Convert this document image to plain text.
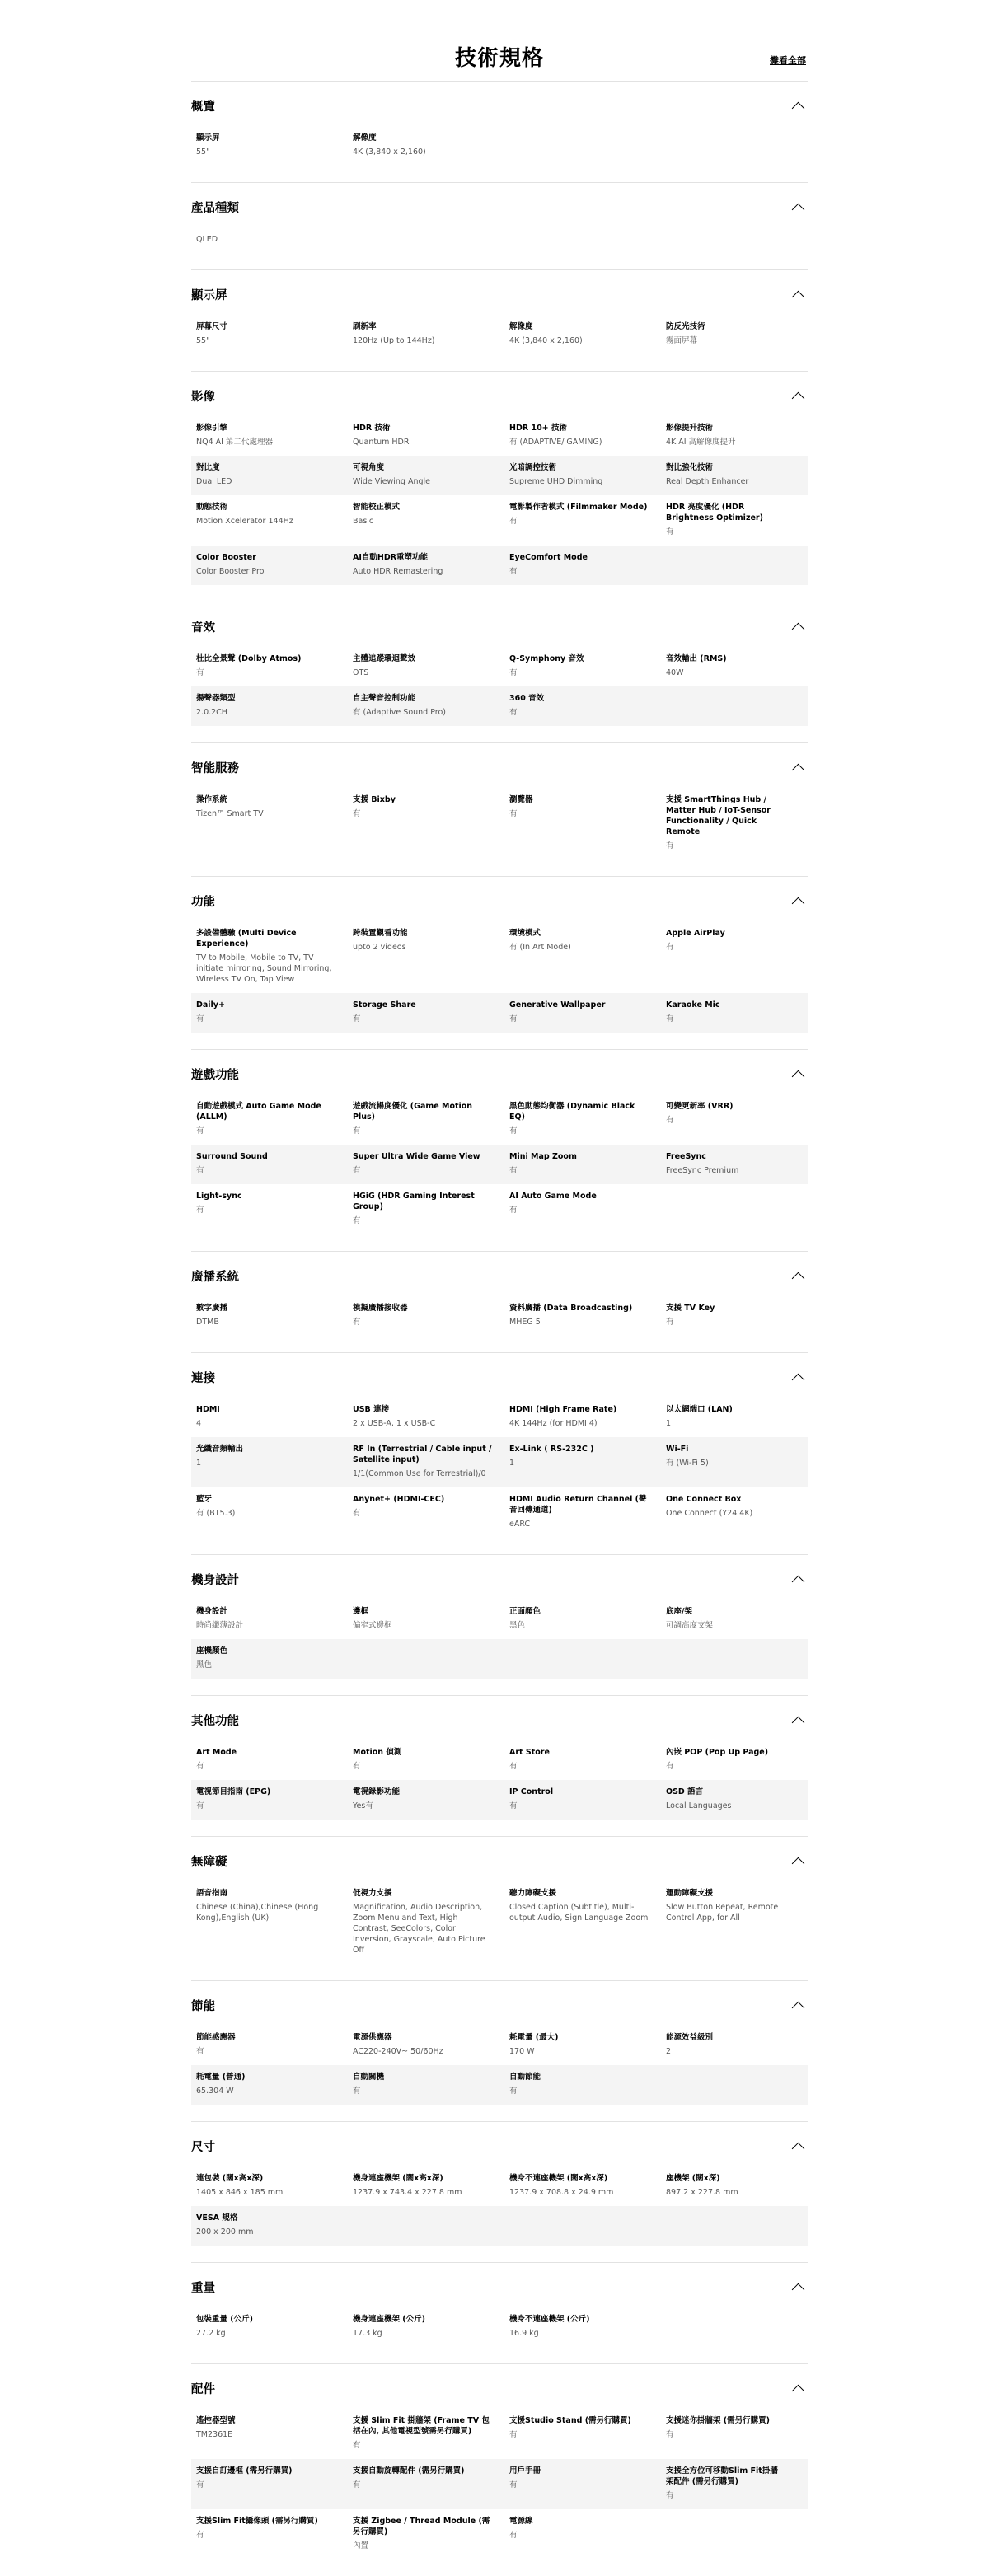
技術規格	攤看全部
概覽
顯示屏
55"
解像度
4K (3,840 x 2,160)
產品種類
QLED
顯示屏
屏幕尺寸
55"
刷新率
120Hz (Up to 144Hz)
解像度
4K (3,840 x 2,160)
防反光技術
霧面屏幕
影像
影像引擎
NQ4 AI 第二代處理器
HDR 技術
Quantum HDR
HDR 10+ 技術
有 (ADAPTIVE/ GAMING)
影像提升技術
4K AI 高解像度提升
對比度
Dual LED
可視角度
Wide Viewing Angle
光暗調控技術
Supreme UHD Dimming
對比強化技術
Real Depth Enhancer
動態技術
Motion Xcelerator 144Hz
智能校正模式
Basic
電影製作者模式 (Filmmaker Mode)
有
HDR 亮度優化 (HDR Brightness Optimizer)
有
Color Booster
Color Booster Pro
AI自動HDR重塑功能
Auto HDR Remastering
EyeComfort Mode
有
音效
杜比全景聲 (Dolby Atmos)
有
主體追蹤環迴聲效
OTS
Q-Symphony 音效
有
音效輸出 (RMS)
40W
揚聲器類型
2.0.2CH
自主聲音控制功能
有 (Adaptive Sound Pro)
360 音效
有
智能服務
操作系統
Tizen™ Smart TV
支援 Bixby
有
瀏覽器
有
支援 SmartThings Hub / Matter Hub / IoT-Sensor Functionality / Quick Remote
有
功能
多設備體驗 (Multi Device Experience)
TV to Mobile, Mobile to TV, TV initiate mirroring, Sound Mirroring, Wireless TV On, Tap View
跨裝置觀看功能
upto 2 videos
環境模式
有 (In Art Mode)
Apple AirPlay
有
Daily+
有
Storage Share
有
Generative Wallpaper
有
Karaoke Mic
有
遊戲功能
自動遊戲模式 Auto Game Mode (ALLM)
有
遊戲流暢度優化 (Game Motion Plus)
有
黑色動態均衡器 (Dynamic Black EQ)
有
可變更新率 (VRR)
有
Surround Sound
有
Super Ultra Wide Game View
有
Mini Map Zoom
有
FreeSync
FreeSync Premium
Light-sync
有
HGiG (HDR Gaming Interest Group)
有
AI Auto Game Mode
有
廣播系統
數字廣播
DTMB
模擬廣播接收器
有
資料廣播 (Data Broadcasting)
MHEG 5
支援 TV Key
有
連接
HDMI
4
USB 連接
2 x USB-A, 1 x USB-C
HDMI (High Frame Rate)
4K 144Hz (for HDMI 4)
以太網端口 (LAN)
1
光纖音頻輸出
1
RF In (Terrestrial / Cable input / Satellite input)
1/1(Common Use for Terrestrial)/0
Ex-Link ( RS-232C )
1
Wi-Fi
有 (Wi-Fi 5)
藍牙
有 (BT5.3)
Anynet+ (HDMI-CEC)
有
HDMI Audio Return Channel (聲音回傳通道)
eARC
One Connect Box
One Connect (Y24 4K)
機身設計
機身設計
時尚纖薄設計
邊框
偏窄式邊框
正面顏色
黑色
底座/架
可調高度支架
座機顏色
黑色
其他功能
Art Mode
有
Motion 偵測
有
Art Store
有
內嵌 POP (Pop Up Page)
有
電視節目指南 (EPG)
有
電視錄影功能
Yes有
IP Control
有
OSD 語言
Local Languages
無障礙
語音指南
Chinese (China),Chinese (Hong Kong),English (UK)
低視力支援
Magnification, Audio Description, Zoom Menu and Text, High Contrast, SeeColors, Color Inversion, Grayscale, Auto Picture Off
聽力障礙支援
Closed Caption (Subtitle), Multi-output Audio, Sign Language Zoom
運動障礙支援
Slow Button Repeat, Remote Control App, for All
節能
節能感應器
有
電源供應器
AC220-240V~ 50/60Hz
耗電量 (最大)
170 W
能源效益級別
2
耗電量 (普通)
65.304 W
自動關機
有
自動節能
有
尺寸
連包裝 (闊x高x深)
1405 x 846 x 185 mm
機身連座機架 (闊x高x深)
1237.9 x 743.4 x 227.8 mm
機身不連座機架 (闊x高x深)
1237.9 x 708.8 x 24.9 mm
座機架 (闊x深)
897.2 x 227.8 mm
VESA 規格
200 x 200 mm
重量
包裝重量 (公斤)
27.2 kg
機身連座機架 (公斤)
17.3 kg
機身不連座機架 (公斤)
16.9 kg
配件
遙控器型號
TM2361E
支援 Slim Fit 掛牆架 (Frame TV 包括在內, 其他電視型號需另行購買)
有
支援Studio Stand (需另行購買)
有
支援迷你掛牆架 (需另行購買)
有
支援自訂邊框 (需另行購買)
有
支援自動旋轉配件 (需另行購買)
有
用戶手冊
有
支援全方位可移動Slim Fit掛牆架配件 (需另行購買)
有
支援Slim Fit攝像頭 (需另行購買)
有
支援 Zigbee / Thread Module (需另行購買)
內置
電源線
有
